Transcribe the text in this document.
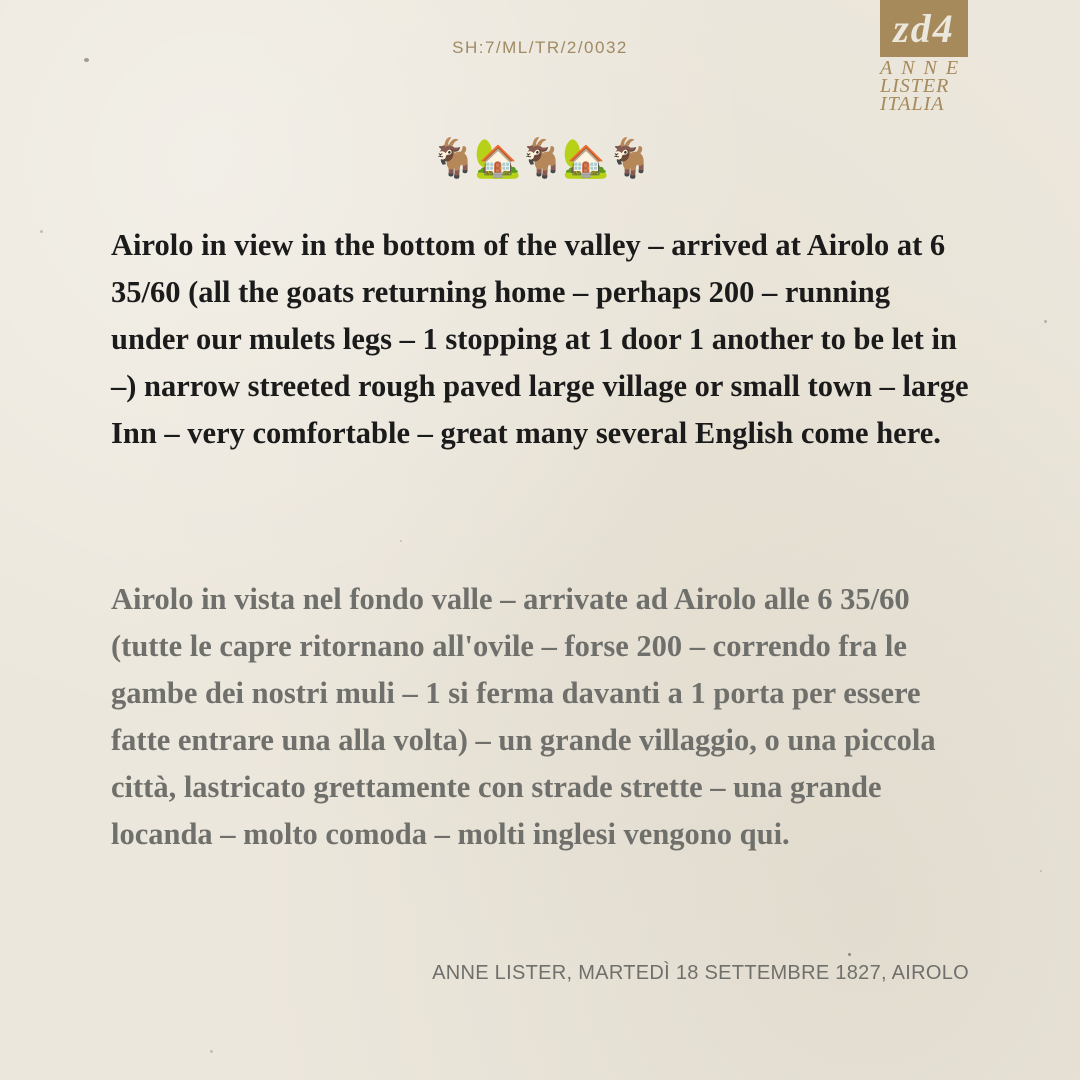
SH:7/ML/TR/2/0032	zd4
ANNE
LISTER
ITALIA
🐐🏡🐐🏡🐐

Airolo in view in the bottom of the valley – arrived at Airolo at 6 35/60 (all the goats returning home – perhaps 200 – running under our mulets legs – 1 stopping at 1 door 1 another to be let in –) narrow streeted rough paved large village or small town – large Inn – very comfortable – great many several English come here.

Airolo in vista nel fondo valle – arrivate ad Airolo alle 6 35/60 (tutte le capre ritornano all'ovile – forse 200 – correndo fra le gambe dei nostri muli – 1 si ferma davanti a 1 porta per essere fatte entrare una alla volta) – un grande villaggio, o una piccola città, lastricato grettamente con strade strette – una grande locanda – molto comoda – molti inglesi vengono qui.

ANNE LISTER, MARTEDÌ 18 SETTEMBRE 1827, AIROLO
